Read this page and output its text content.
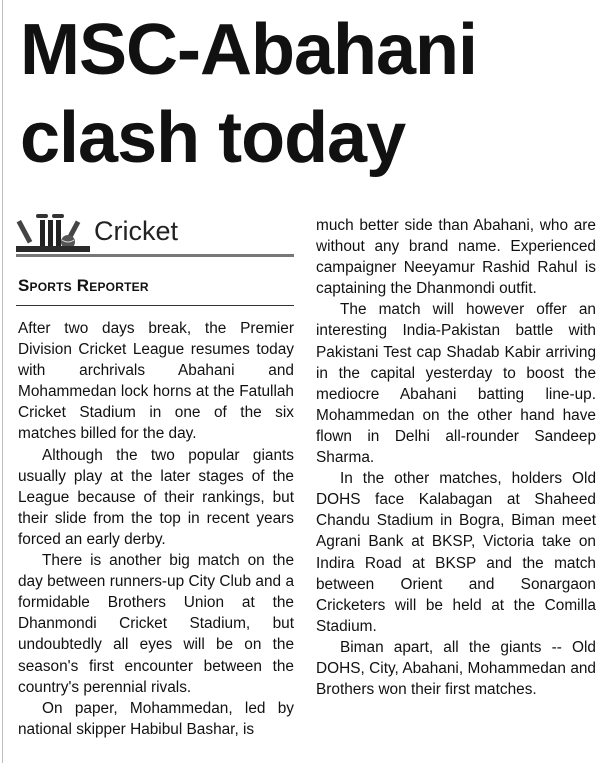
MSC-Abahani clash today
Cricket
Sports Reporter

After two days break, the Premier Division Cricket League resumes today with archrivals Abahani and Mohammedan lock horns at the Fatullah Cricket Stadium in one of the six matches billed for the day.

Although the two popular giants usually play at the later stages of the League because of their rankings, but their slide from the top in recent years forced an early derby.

There is another big match on the day between runners-up City Club and a formidable Brothers Union at the Dhanmondi Cricket Stadium, but undoubtedly all eyes will be on the season's first encounter between the country's perennial rivals.

On paper, Mohammedan, led by national skipper Habibul Bashar, is

much better side than Abahani, who are without any brand name. Experienced campaigner Neeyamur Rashid Rahul is captaining the Dhanmondi outfit.

The match will however offer an interesting India-Pakistan battle with Pakistani Test cap Shadab Kabir arriving in the capital yesterday to boost the mediocre Abahani batting line-up. Mohammedan on the other hand have flown in Delhi all-rounder Sandeep Sharma.

In the other matches, holders Old DOHS face Kalabagan at Shaheed Chandu Stadium in Bogra, Biman meet Agrani Bank at BKSP, Victoria take on Indira Road at BKSP and the match between Orient and Sonargaon Cricketers will be held at the Comilla Stadium.

Biman apart, all the giants -- Old DOHS, City, Abahani, Mohammedan and Brothers won their first matches.
